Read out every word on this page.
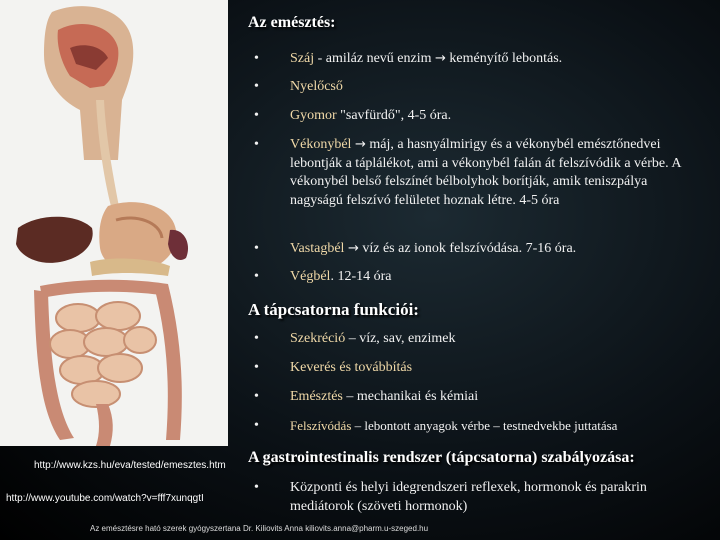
Az emésztés:
• Száj - amiláz nevű enzim → keményítő lebontás.
• Nyelőcső
• Gyomor "savfürdő", 4-5 óra.
• Vékonybél → máj, a hasnyálmirigy és a vékonybél emésztőnedvei lebontják a táplálékot, ami a vékonybél falán át felszívódik a vérbe. A vékonybél belső felszínét bélbolyhok borítják, amik teniszpálya nagyságú felszívó felületet hoznak létre. 4-5 óra
• Vastagbél → víz és az ionok felszívódása. 7-16 óra.
• Végbél. 12-14 óra
A tápcsatorna funkciói:
• Szekréció – víz, sav, enzimek
• Keverés és továbbítás
• Emésztés – mechanikai és kémiai
• Felszívódás – lebontott anyagok vérbe – testnedvekbe juttatása
A gastrointestinalis rendszer (tápcsatorna) szabályozása:
• Központi és helyi idegrendszeri reflexek, hormonok és parakrin mediátorok (szöveti hormonok)
http://www.kzs.hu/eva/tested/emesztes.htm
http://www.youtube.com/watch?v=fff7xunqgtI
Az emésztésre ható szerek gyógyszertana Dr. Kiliovits Anna kiliovits.anna@pharm.u-szeged.hu
